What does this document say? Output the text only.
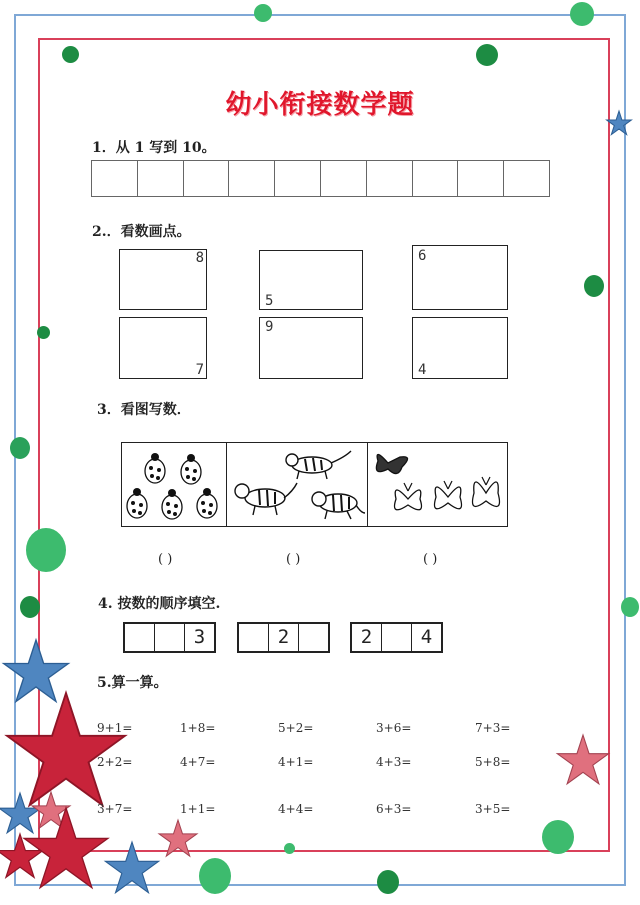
幼小衔接数学题
1．从 1 写到 10。
2.．看数画点。
8
5
6
7
9
4
3．看图写数．
( )	( )	( )
4. 按数的顺序填空.
3	2	2	4
5.算一算。
9+1=	1+8=	5+2=	3+6=	7+3=
2+2=	4+7=	4+1=	4+3=	5+8=
3+7=	1+1=	4+4=	6+3=	3+5=
